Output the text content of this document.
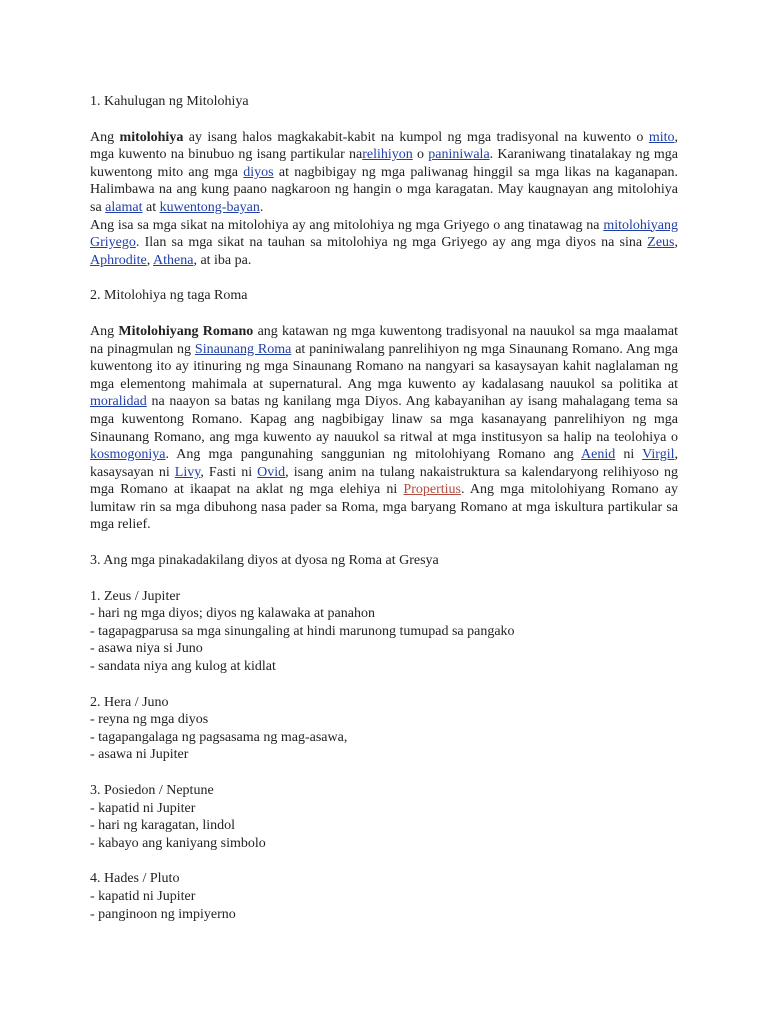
1. Kahulugan ng Mitolohiya

Ang mitolohiya ay isang halos magkakabit-kabit na kumpol ng mga tradisyonal na kuwento o mito, mga kuwento na binubuo ng isang partikular narelihiyon o paniniwala. Karaniwang tinatalakay ng mga kuwentong mito ang mga diyos at nagbibigay ng mga paliwanag hinggil sa mga likas na kaganapan. Halimbawa na ang kung paano nagkaroon ng hangin o mga karagatan. May kaugnayan ang mitolohiya sa alamat at kuwentong-bayan.

Ang isa sa mga sikat na mitolohiya ay ang mitolohiya ng mga Griyego o ang tinatawag na mitolohiyang Griyego. Ilan sa mga sikat na tauhan sa mitolohiya ng mga Griyego ay ang mga diyos na sina Zeus, Aphrodite, Athena, at iba pa.

2. Mitolohiya ng taga Roma

Ang Mitolohiyang Romano ang katawan ng mga kuwentong tradisyonal na nauukol sa mga maalamat na pinagmulan ng Sinaunang Roma at paniniwalang panrelihiyon ng mga Sinaunang Romano. Ang mga kuwentong ito ay itinuring ng mga Sinaunang Romano na nangyari sa kasaysayan kahit naglalaman ng mga elementong mahimala at supernatural. Ang mga kuwento ay kadalasang nauukol sa politika at moralidad na naayon sa batas ng kanilang mga Diyos. Ang kabayanihan ay isang mahalagang tema sa mga kuwentong Romano. Kapag ang nagbibigay linaw sa mga kasanayang panrelihiyon ng mga Sinaunang Romano, ang mga kuwento ay nauukol sa ritwal at mga institusyon sa halip na teolohiya o kosmogoniya. Ang mga pangunahing sanggunian ng mitolohiyang Romano ang Aenid ni Virgil, kasaysayan ni Livy, Fasti ni Ovid, isang anim na tulang nakaistruktura sa kalendaryong relihiyoso ng mga Romano at ikaapat na aklat ng mga elehiya ni Propertius. Ang mga mitolohiyang Romano ay lumitaw rin sa mga dibuhong nasa pader sa Roma, mga baryang Romano at mga iskultura partikular sa mga relief.

3. Ang mga pinakadakilang diyos at dyosa ng Roma at Gresya

1. Zeus / Jupiter

- hari ng mga diyos; diyos ng kalawaka at panahon
- tagapagparusa sa mga sinungaling at hindi marunong tumupad sa pangako
- asawa niya si Juno
- sandata niya ang kulog at kidlat

2. Hera / Juno

- reyna ng mga diyos
- tagapangalaga ng pagsasama ng mag-asawa,
- asawa ni Jupiter

3. Posiedon / Neptune

- kapatid ni Jupiter
- hari ng karagatan, lindol
- kabayo ang kaniyang simbolo

4. Hades / Pluto

- kapatid ni Jupiter
- panginoon ng impiyerno
